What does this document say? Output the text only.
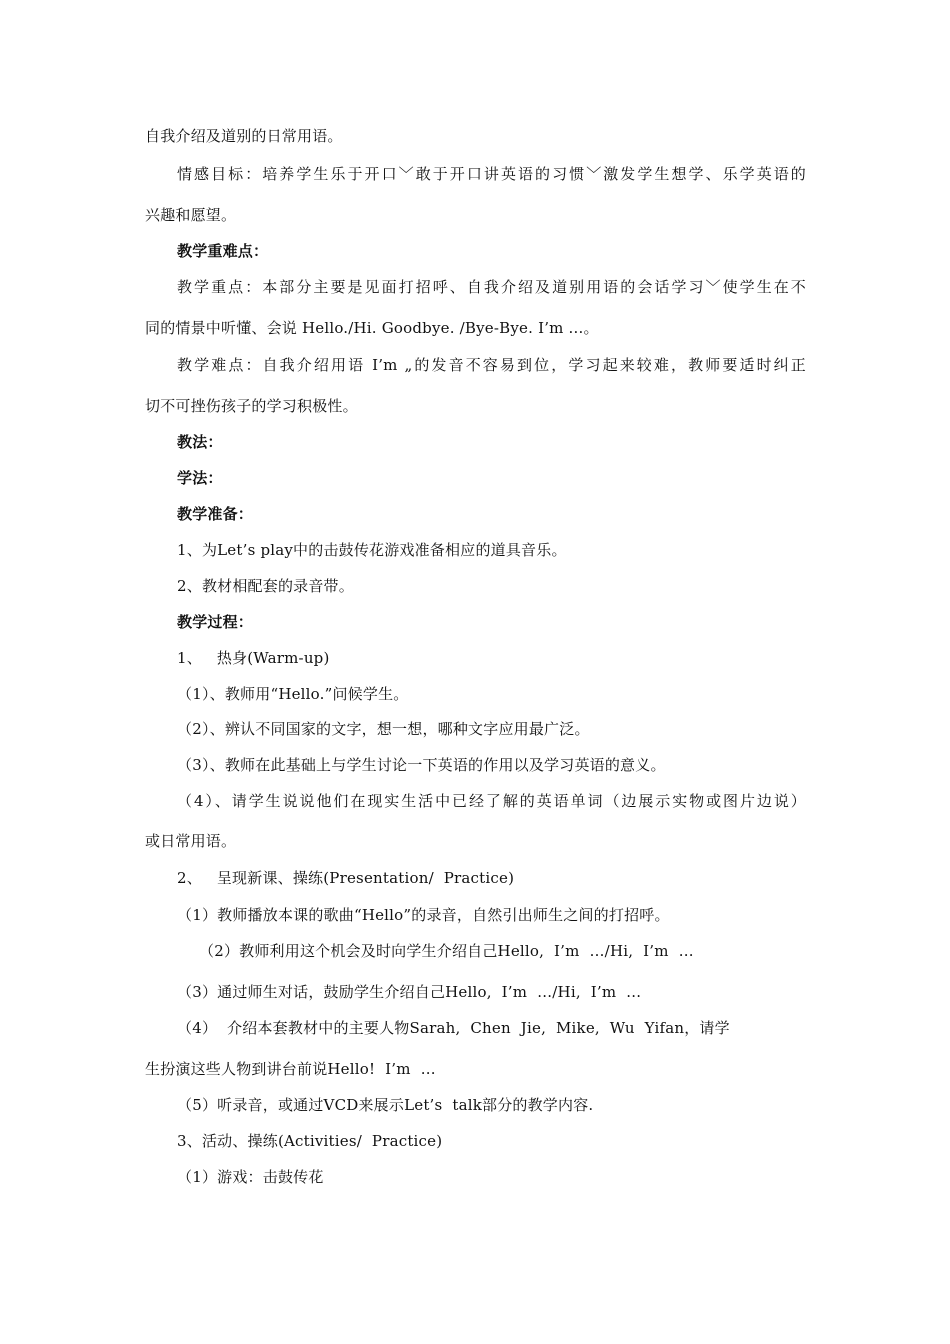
自我介绍及道别的日常用语。
情感目标：培养学生乐于开口﹀敢于开口讲英语的习惯﹀激发学生想学、乐学英语的
兴趣和愿望。
教学重难点：
教学重点：本部分主要是见面打招呼、自我介绍及道别用语的会话学习﹀使学生在不
同的情景中听懂、会说 Hello./Hi. Goodbye. /Bye-Bye. I’m ...。
教学难点：自我介绍用语 I’m „的发音不容易到位，学习起来较难，教师要适时纠正
切不可挫伤孩子的学习积极性。
教法：
学法：
教学准备：
1、为Let’s play中的击鼓传花游戏准备相应的道具音乐。
2、教材相配套的录音带。
教学过程：
1、   热身(Warm-up)
（1）、教师用“Hello.”问候学生。
（2）、辨认不同国家的文字，想一想，哪种文字应用最广泛。
（3）、教师在此基础上与学生讨论一下英语的作用以及学习英语的意义。
（4）、请学生说说他们在现实生活中已经了解的英语单词（边展示实物或图片边说）
或日常用语。
2、   呈现新课、操练(Presentation/  Practice)
（1）教师播放本课的歌曲“Hello”的录音，自然引出师生之间的打招呼。
（2）教师利用这个机会及时向学生介绍自己Hello,  I’m  …/Hi,  I’m  …
（3）通过师生对话，鼓励学生介绍自己Hello,  I’m  …/Hi,  I’m  …
（4）  介绍本套教材中的主要人物Sarah,  Chen  Jie,  Mike,  Wu  Yifan，请学
生扮演这些人物到讲台前说Hello!  I’m  …
（5）听录音，或通过VCD来展示Let’s  talk部分的教学内容.
3、活动、操练(Activities/  Practice)
（1）游戏：击鼓传花
